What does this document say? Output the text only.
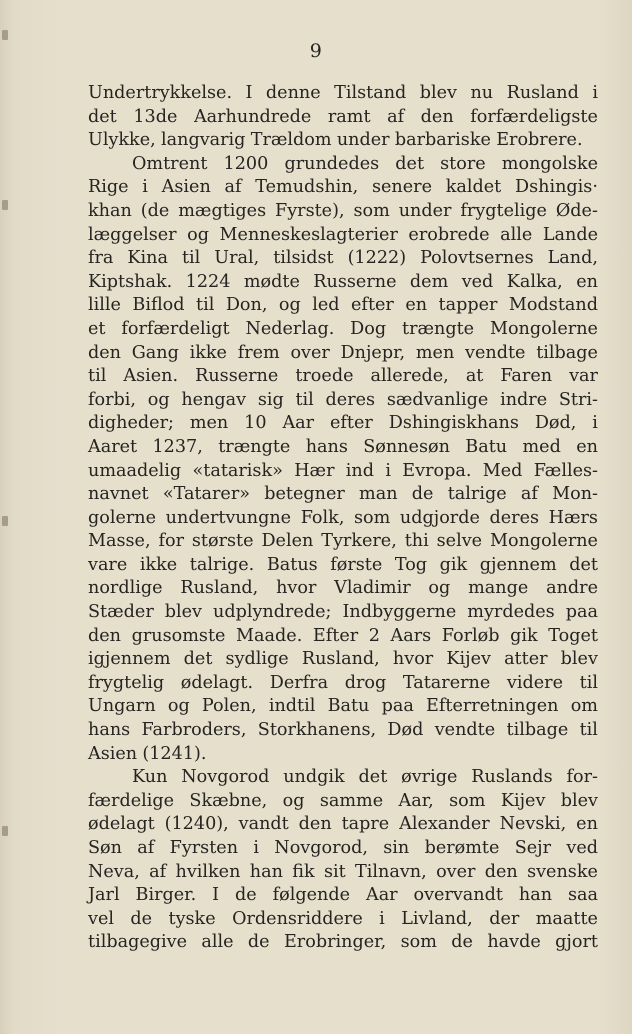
9
Undertrykkelse. I denne Tilstand blev nu Rusland i
det 13de Aarhundrede ramt af den forfærdeligste
Ulykke, langvarig Trældom under barbariske Erobrere.
Omtrent 1200 grundedes det store mongolske
Rige i Asien af Temudshin, senere kaldet Dshingis·
khan (de mægtiges Fyrste), som under frygtelige Øde-
læggelser og Menneskeslagterier erobrede alle Lande
fra Kina til Ural, tilsidst (1222) Polovtsernes Land,
Kiptshak. 1224 mødte Russerne dem ved Kalka, en
lille Biflod til Don, og led efter en tapper Modstand
et forfærdeligt Nederlag. Dog trængte Mongolerne
den Gang ikke frem over Dnjepr, men vendte tilbage
til Asien. Russerne troede allerede, at Faren var
forbi, og hengav sig til deres sædvanlige indre Stri-
digheder; men 10 Aar efter Dshingiskhans Død, i
Aaret 1237, trængte hans Sønnesøn Batu med en
umaadelig «tatarisk» Hær ind i Evropa. Med Fælles-
navnet «Tatarer» betegner man de talrige af Mon-
golerne undertvungne Folk, som udgjorde deres Hærs
Masse, for største Delen Tyrkere, thi selve Mongolerne
vare ikke talrige. Batus første Tog gik gjennem det
nordlige Rusland, hvor Vladimir og mange andre
Stæder blev udplyndrede; Indbyggerne myrdedes paa
den grusomste Maade. Efter 2 Aars Forløb gik Toget
igjennem det sydlige Rusland, hvor Kijev atter blev
frygtelig ødelagt. Derfra drog Tatarerne videre til
Ungarn og Polen, indtil Batu paa Efterretningen om
hans Farbroders, Storkhanens, Død vendte tilbage til
Asien (1241).
Kun Novgorod undgik det øvrige Ruslands for-
færdelige Skæbne, og samme Aar, som Kijev blev
ødelagt (1240), vandt den tapre Alexander Nevski, en
Søn af Fyrsten i Novgorod, sin berømte Sejr ved
Neva, af hvilken han fik sit Tilnavn, over den svenske
Jarl Birger. I de følgende Aar overvandt han saa
vel de tyske Ordensriddere i Livland, der maatte
tilbagegive alle de Erobringer, som de havde gjort
